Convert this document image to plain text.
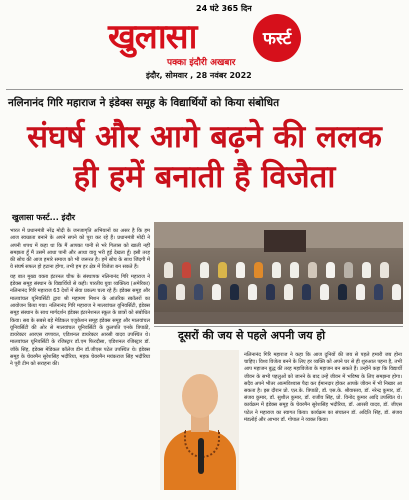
24 घंटे 365 दिन
खुलासा	फर्स्ट
पक्का इंदौरी अखबार
इंदौर, सोमवार , 28 नवंबर 2022
नलिनानंद गिरि महाराज ने इंडेक्स समूह के विद्यार्थियों को किया संबोधित
संघर्ष और आगे बढ़ने की ललक
ही हमें बनाती है विजेता
खुलासा फर्स्ट... इंदौर

भारत में प्रधानमंत्री नरेंद्र मोदी के जनजागृति अभियानों का असर है कि हम आज स्वच्छता बनाने के अपने सपने को पूरा कर रहे हैं। प्रधानमंत्री मोदी ने अपनी शपथ में कहा था कि मैं आपका पानी से भरे गिलास को खाली नहीं समझता हूँ मैं उसमें आधा पानी और आधा वायु भरी हुई देखता हूँ। इसी तरह की सोच की आज हमारे समाज को भी जरूरत है। हमें सोच के साथ जिंदगी में ये संघर्ष सफल हो हटाना होगा, तभी हम हर क्षेत्र में विजेता बन सकते हैं।

यह बात मुख्य वक्ता इंटरनल चीफ के संस्थापक नलिनानंद गिरि महाराज ने इंडेक्स समूह संस्थान के विद्यार्थियों से कही। पारतीय युवा व्यक्तित्व (अमेरिका) नलिनानंद गिरि महाराज 63 देशों में सेवा प्रकल्प चला रहे हैं। इंडेक्स समूह और मालवांचल यूनिवर्सिटी द्वारा श्री महामण मिशन के आंतरिक स्कॉलरों का आयोजन किया गया। नलिनानंद गिरि महाराज ने मालवांचल यूनिवर्सिटी, इंडेक्स समूह संस्थान के साथ मार्गदर्शन इंडेक्स इंटरनेशनल स्कूल के छात्रों को संबोधित किया। सब के सबसे बड़े मेडिकल एजुकेशन समूह इंडेक्स समूह और मालवांचल यूनिवर्सिटी की ओर से मालवांचल यूनिवर्सिटी के कुलपति एनके त्रिपाठी, डायरेक्टर आरएस राणावत, एडिशनल डायरेक्टर आरसी यादव उपस्थित थे। मालवांचल यूनिवर्सिटी के रजिस्ट्रार डॉ.एम फिरदौसा, एडिशनल रजिस्ट्रार डॉ. जॉके सिंह, इंडेक्स मेडिकल कॉलेज डीन डॉ.जीएस पटेल उपस्थित थे। इंडेक्स समूह के चेयरमैन सुरेशसिंह भदौरिया, महक चेयरमैन मयंकराज सिंह भदौरिया ने पूरी टीम को सराहना की।

दूसरों की जय से पहले अपनी जय हो
नलिनानंद गिरि महाराज ने कहा कि आज दुनियों की जय से पहले हमारी जय होना चाहिए। विश्व विजेता बनने के लिए हर व्यक्ति को अपने घर से ही शुरुआत पहना है, तभी आप महाजन बुद्ध की तरह महाविजेता के महाजन बन सकते हैं। उन्होंने कहा कि विद्यार्थी जीवन के सभी पहलुओं को जानने के बाद उन्हें जीवन में भविष्य के लिए समझना होगा। सदैव अपने भीतर आत्मविश्वास पैदा कर ईमानदार होकर आपके जीवन में भी निखार आ सकता है। इस दौरान प्रो. एल.के. त्रिपाठी, डॉ. एस.के. श्रीवास्तव, डॉ. नरेन्द्र कुमार, डॉ. संजय कुमार, डॉ. सुशील कुमार, डॉ. राजीव सिंह, प्रो. विनोद कुमार आदि उपस्थित थे। कार्यक्रम में इंडेक्स समूह के चेयरमैन सुरेशसिंह भदौरिया, डॉ. आरसी यादव, डॉ. जीएस पटेल ने महाराज का स्वागत किया। कार्यक्रम का संचालन डॉ. अदिति सिंह, डॉ. संजय मंडलोई और आभार डॉ. गोपाल ने व्यक्त किया।
